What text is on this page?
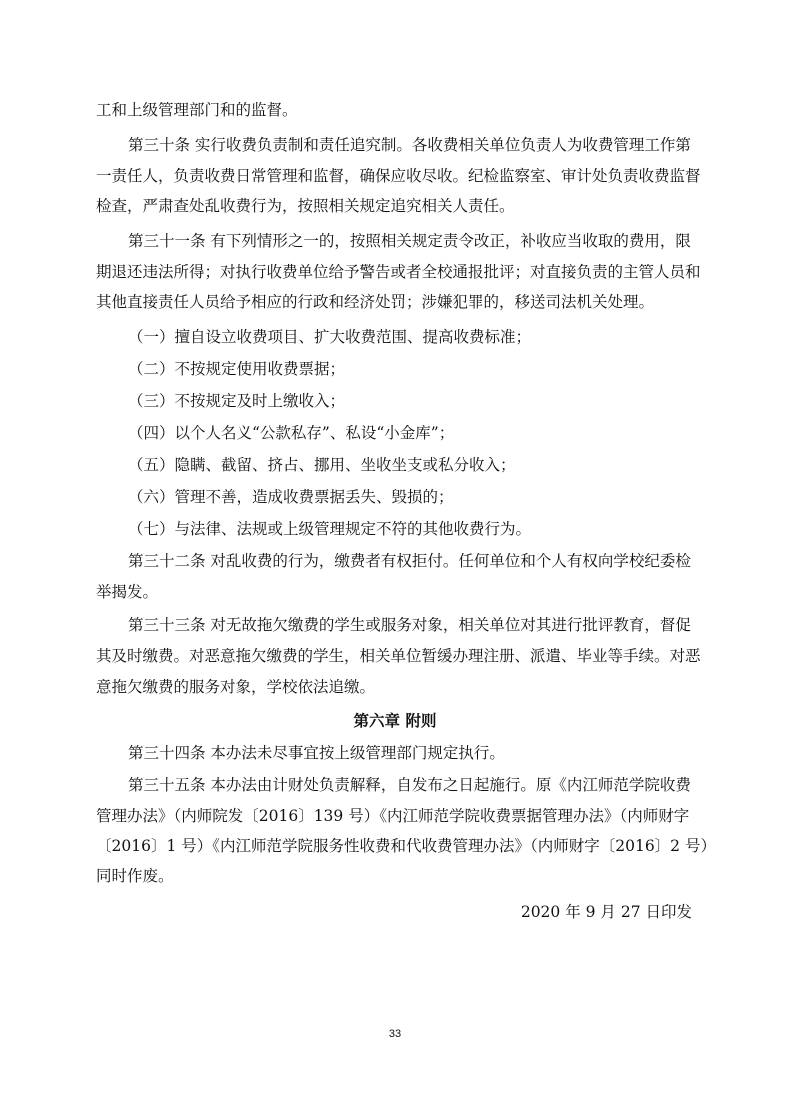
工和上级管理部门和的监督。
第三十条 实行收费负责制和责任追究制。各收费相关单位负责人为收费管理工作第
一责任人，负责收费日常管理和监督，确保应收尽收。纪检监察室、审计处负责收费监督
检查，严肃查处乱收费行为，按照相关规定追究相关人责任。
第三十一条 有下列情形之一的，按照相关规定责令改正，补收应当收取的费用，限
期退还违法所得；对执行收费单位给予警告或者全校通报批评；对直接负责的主管人员和
其他直接责任人员给予相应的行政和经济处罚；涉嫌犯罪的，移送司法机关处理。
（一）擅自设立收费项目、扩大收费范围、提高收费标准；
（二）不按规定使用收费票据；
（三）不按规定及时上缴收入；
（四）以个人名义“公款私存”、私设“小金库”；
（五）隐瞒、截留、挤占、挪用、坐收坐支或私分收入；
（六）管理不善，造成收费票据丢失、毁损的；
（七）与法律、法规或上级管理规定不符的其他收费行为。
第三十二条 对乱收费的行为，缴费者有权拒付。任何单位和个人有权向学校纪委检
举揭发。
第三十三条 对无故拖欠缴费的学生或服务对象，相关单位对其进行批评教育，督促
其及时缴费。对恶意拖欠缴费的学生，相关单位暂缓办理注册、派遣、毕业等手续。对恶
意拖欠缴费的服务对象，学校依法追缴。
第六章 附则
第三十四条 本办法未尽事宜按上级管理部门规定执行。
第三十五条 本办法由计财处负责解释，自发布之日起施行。原《内江师范学院收费
管理办法》（内师院发〔2016〕139 号）《内江师范学院收费票据管理办法》（内师财字
〔2016〕1 号）《内江师范学院服务性收费和代收费管理办法》（内师财字〔2016〕2 号）
同时作废。
2020 年 9 月 27 日印发
33
